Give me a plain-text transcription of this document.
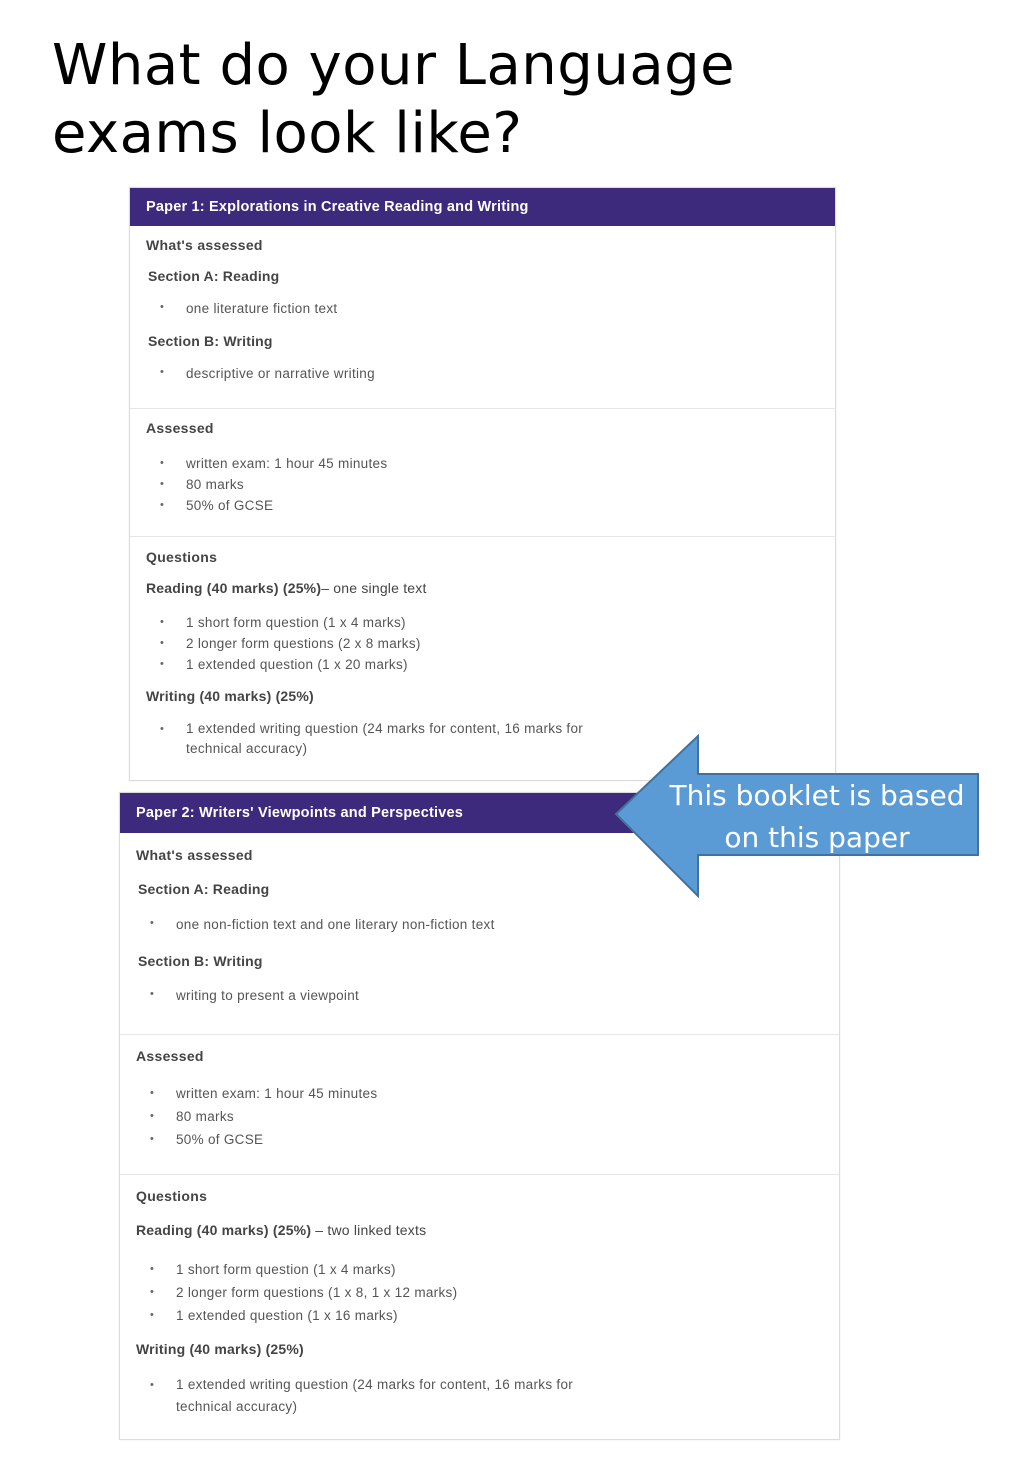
What do your Language
exams look like?
Paper 1: Explorations in Creative Reading and Writing
What's assessed
Section A: Reading
• one literature fiction text
Section B: Writing
• descriptive or narrative writing
Assessed
• written exam: 1 hour 45 minutes
• 80 marks
• 50% of GCSE
Questions
Reading (40 marks) (25%)– one single text
• 1 short form question (1 x 4 marks)
• 2 longer form questions (2 x 8 marks)
• 1 extended question (1 x 20 marks)
Writing (40 marks) (25%)
• 1 extended writing question (24 marks for content, 16 marks for
technical accuracy)
Paper 2: Writers' Viewpoints and Perspectives
What's assessed
Section A: Reading
• one non-fiction text and one literary non-fiction text
Section B: Writing
• writing to present a viewpoint
Assessed
• written exam: 1 hour 45 minutes
• 80 marks
• 50% of GCSE
Questions
Reading (40 marks) (25%) – two linked texts
• 1 short form question (1 x 4 marks)
• 2 longer form questions (1 x 8, 1 x 12 marks)
• 1 extended question (1 x 16 marks)
Writing (40 marks) (25%)
• 1 extended writing question (24 marks for content, 16 marks for
technical accuracy)
This booklet is based
on this paper
